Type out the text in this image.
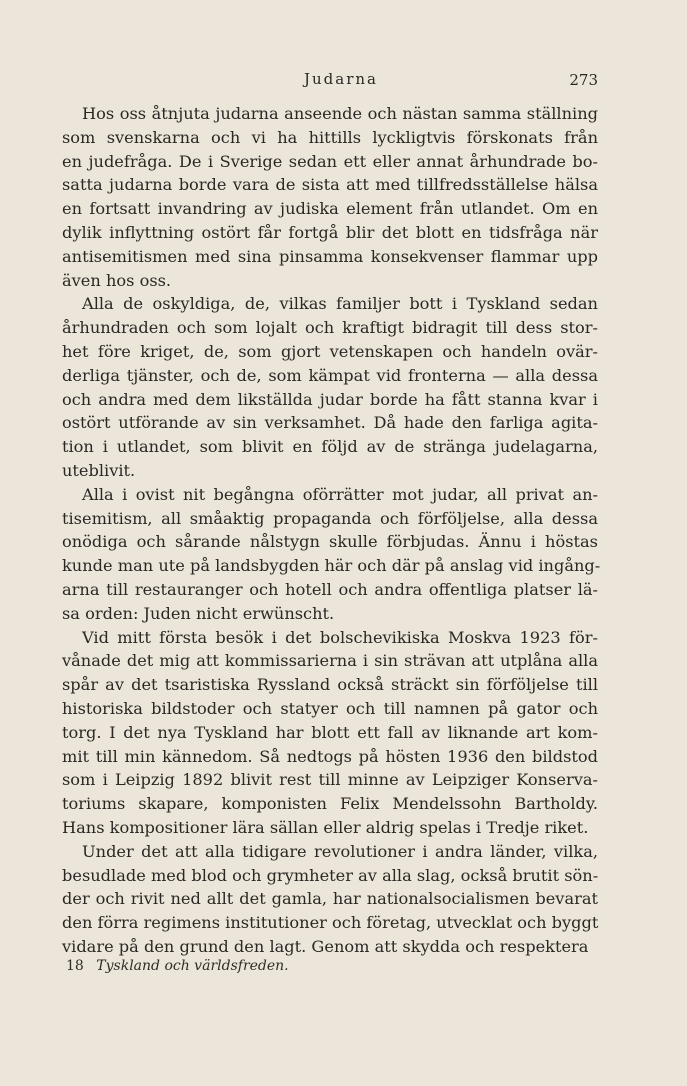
Judarna	273

Hos oss åtnjuta judarna anseende och nästan samma ställning
som svenskarna och vi ha hittills lyckligtvis förskonats från
en judefråga. De i Sverige sedan ett eller annat århundrade bo-
satta judarna borde vara de sista att med tillfredsställelse hälsa
en fortsatt invandring av judiska element från utlandet. Om en
dylik inflyttning ostört får fortgå blir det blott en tidsfråga när
antisemitismen med sina pinsamma konsekvenser flammar upp
även hos oss.

Alla de oskyldiga, de, vilkas familjer bott i Tyskland sedan
århundraden och som lojalt och kraftigt bidragit till dess stor-
het före kriget, de, som gjort vetenskapen och handeln ovär-
derliga tjänster, och de, som kämpat vid fronterna — alla dessa
och andra med dem likställda judar borde ha fått stanna kvar i
ostört utförande av sin verksamhet. Då hade den farliga agita-
tion i utlandet, som blivit en följd av de stränga judelagarna,
uteblivit.

Alla i ovist nit begångna oförrätter mot judar, all privat an-
tisemitism, all småaktig propaganda och förföljelse, alla dessa
onödiga och sårande nålstygn skulle förbjudas. Ännu i höstas
kunde man ute på landsbygden här och där på anslag vid ingång-
arna till restauranger och hotell och andra offentliga platser lä-
sa orden: Juden nicht erwünscht.

Vid mitt första besök i det bolschevikiska Moskva 1923 för-
vånade det mig att kommissarierna i sin strävan att utplåna alla
spår av det tsaristiska Ryssland också sträckt sin förföljelse till
historiska bildstoder och statyer och till namnen på gator och
torg. I det nya Tyskland har blott ett fall av liknande art kom-
mit till min kännedom. Så nedtogs på hösten 1936 den bildstod
som i Leipzig 1892 blivit rest till minne av Leipziger Konserva-
toriums skapare, komponisten Felix Mendelssohn Bartholdy.
Hans kompositioner lära sällan eller aldrig spelas i Tredje riket.

Under det att alla tidigare revolutioner i andra länder, vilka,
besudlade med blod och grymheter av alla slag, också brutit sön-
der och rivit ned allt det gamla, har nationalsocialismen bevarat
den förra regimens institutioner och företag, utvecklat och byggt
vidare på den grund den lagt. Genom att skydda och respektera

18 Tyskland och världsfreden.
